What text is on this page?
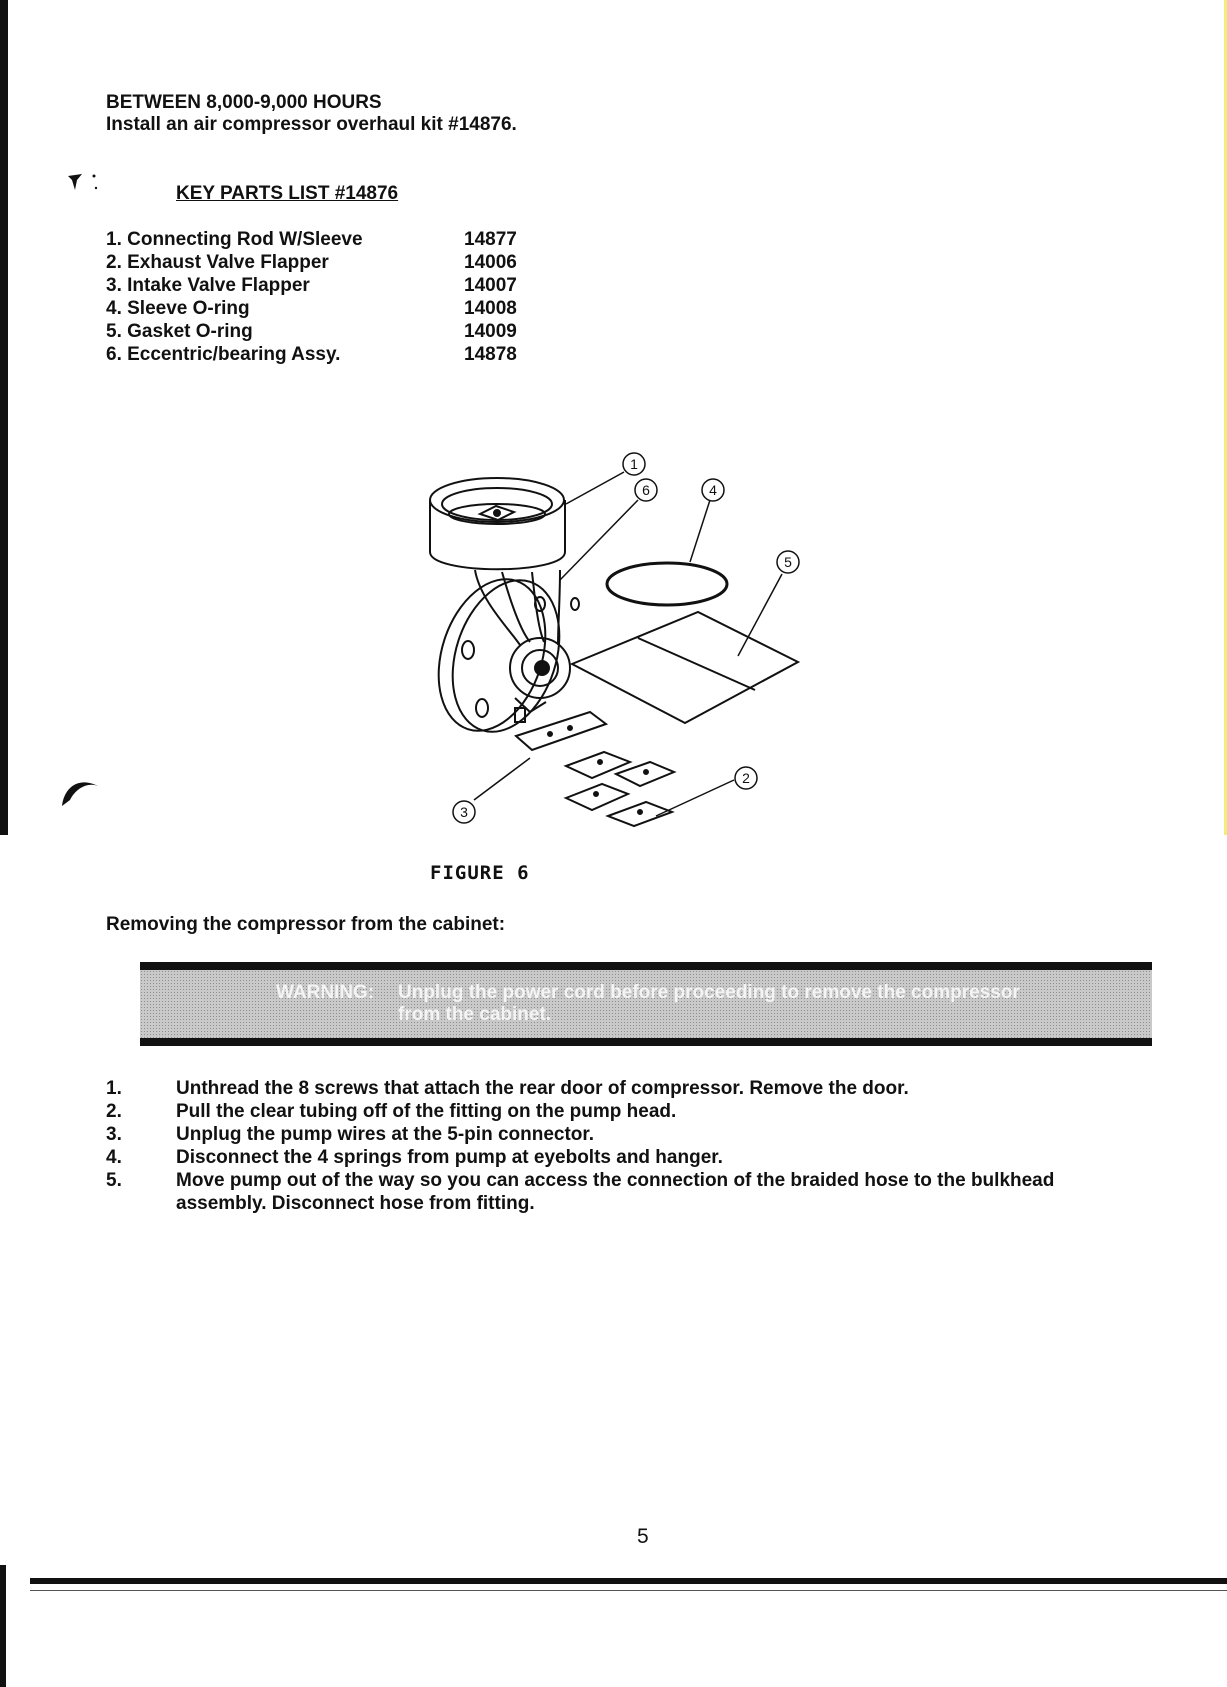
BETWEEN 8,000-9,000 HOURS
Install an air compressor overhaul kit #14876.
KEY PARTS LIST #14876
1. Connecting Rod W/Sleeve	14877
2. Exhaust Valve Flapper	14006
3. Intake Valve Flapper	14007
4. Sleeve O-ring	14008
5. Gasket O-ring	14009
6. Eccentric/bearing Assy.	14878
1
6	4
5
3
2
FIGURE 6
Removing the compressor from the cabinet:
WARNING: Unplug the power cord before proceeding to remove the compressor
from the cabinet.
1.	Unthread the 8 screws that attach the rear door of compressor. Remove the door.
2.	Pull the clear tubing off of the fitting on the pump head.
3.	Unplug the pump wires at the 5-pin connector.
4.	Disconnect the 4 springs from pump at eyebolts and hanger.
5.	Move pump out of the way so you can access the connection of the braided hose to the bulkhead assembly. Disconnect hose from fitting.
5
